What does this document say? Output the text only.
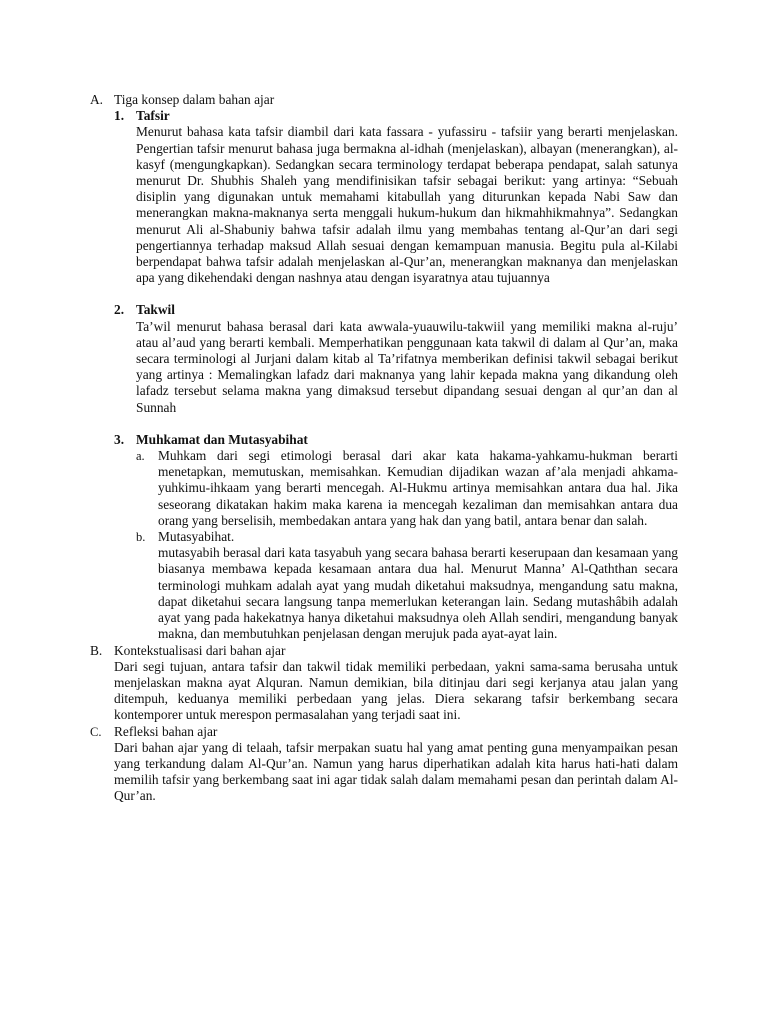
A. Tiga konsep dalam bahan ajar
1. Tafsir
Menurut bahasa kata tafsir diambil dari kata fassara - yufassiru - tafsiir yang berarti menjelaskan. Pengertian tafsir menurut bahasa juga bermakna al-idhah (menjelaskan), albayan (menerangkan), al-kasyf (mengungkapkan). Sedangkan secara terminology terdapat beberapa pendapat, salah satunya menurut Dr. Shubhis Shaleh yang mendifinisikan tafsir sebagai berikut: yang artinya: “Sebuah disiplin yang digunakan untuk memahami kitabullah yang diturunkan kepada Nabi Saw dan menerangkan makna-maknanya serta menggali hukum-hukum dan hikmahhikmahnya”. Sedangkan menurut Ali al-Shabuniy bahwa tafsir adalah ilmu yang membahas tentang al-Qur’an dari segi pengertiannya terhadap maksud Allah sesuai dengan kemampuan manusia. Begitu pula al-Kilabi berpendapat bahwa tafsir adalah menjelaskan al-Qur’an, menerangkan maknanya dan menjelaskan apa yang dikehendaki dengan nashnya atau dengan isyaratnya atau tujuannya
2. Takwil
Ta’wil menurut bahasa berasal dari kata awwala-yuauwilu-takwiil yang memiliki makna al-ruju’ atau al’aud yang berarti kembali. Memperhatikan penggunaan kata takwil di dalam al Qur’an, maka secara terminologi al Jurjani dalam kitab al Ta’rifatnya memberikan definisi takwil sebagai berikut yang artinya : Memalingkan lafadz dari maknanya yang lahir kepada makna yang dikandung oleh lafadz tersebut selama makna yang dimaksud tersebut dipandang sesuai dengan al qur’an dan al Sunnah
3. Muhkamat dan Mutasyabihat
a. Muhkam dari segi etimologi berasal dari akar kata hakama-yahkamu-hukman berarti menetapkan, memutuskan, memisahkan. Kemudian dijadikan wazan af’ala menjadi ahkama-yuhkimu-ihkaam yang berarti mencegah. Al-Hukmu artinya memisahkan antara dua hal. Jika seseorang dikatakan hakim maka karena ia mencegah kezaliman dan memisahkan antara dua orang yang berselisih, membedakan antara yang hak dan yang batil, antara benar dan salah.
b. Mutasyabihat.
mutasyabih berasal dari kata tasyabuh yang secara bahasa berarti keserupaan dan kesamaan yang biasanya membawa kepada kesamaan antara dua hal. Menurut Manna’ Al-Qaththan secara terminologi muhkam adalah ayat yang mudah diketahui maksudnya, mengandung satu makna, dapat diketahui secara langsung tanpa memerlukan keterangan lain. Sedang mutashâbih adalah ayat yang pada hakekatnya hanya diketahui maksudnya oleh Allah sendiri, mengandung banyak makna, dan membutuhkan penjelasan dengan merujuk pada ayat-ayat lain.
B. Kontekstualisasi dari bahan ajar
Dari segi tujuan, antara tafsir dan takwil tidak memiliki perbedaan, yakni sama-sama berusaha untuk menjelaskan makna ayat Alquran. Namun demikian, bila ditinjau dari segi kerjanya atau jalan yang ditempuh, keduanya memiliki perbedaan yang jelas. Diera sekarang tafsir berkembang secara kontemporer untuk merespon permasalahan yang terjadi saat ini.
C. Refleksi bahan ajar
Dari bahan ajar yang di telaah, tafsir merpakan suatu hal yang amat penting guna menyampaikan pesan yang terkandung dalam Al-Qur’an. Namun yang harus diperhatikan adalah kita harus hati-hati dalam memilih tafsir yang berkembang saat ini agar tidak salah dalam memahami pesan dan perintah dalam Al-Qur’an.
